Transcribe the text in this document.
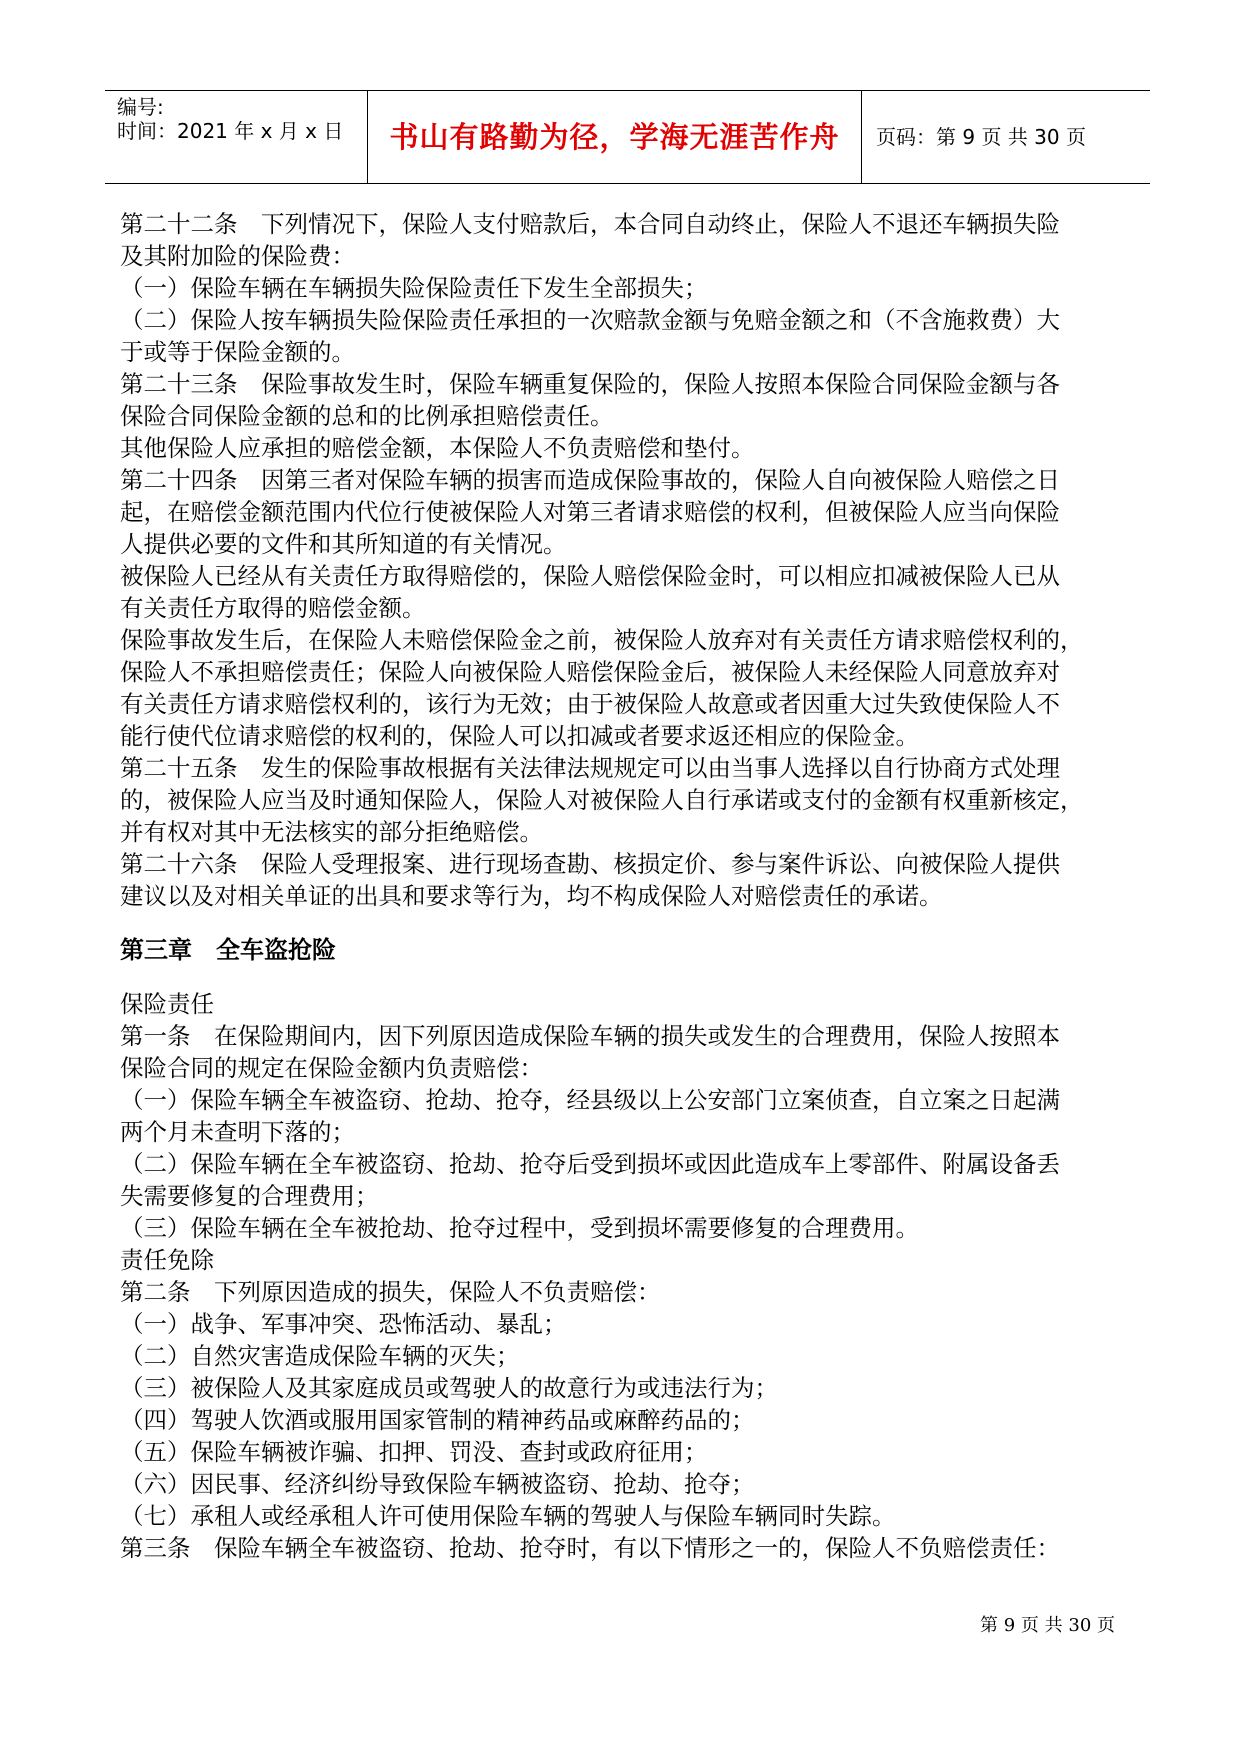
编号:
时间：2021 年 x 月 x 日	书山有路勤为径，学海无涯苦作舟	页码：第 9 页 共 30 页
第二十二条　下列情况下，保险人支付赔款后，本合同自动终止，保险人不退还车辆损失险
及其附加险的保险费：
（一）保险车辆在车辆损失险保险责任下发生全部损失；
（二）保险人按车辆损失险保险责任承担的一次赔款金额与免赔金额之和（不含施救费）大
于或等于保险金额的。
第二十三条　保险事故发生时，保险车辆重复保险的，保险人按照本保险合同保险金额与各
保险合同保险金额的总和的比例承担赔偿责任。
其他保险人应承担的赔偿金额，本保险人不负责赔偿和垫付。
第二十四条　因第三者对保险车辆的损害而造成保险事故的，保险人自向被保险人赔偿之日
起，在赔偿金额范围内代位行使被保险人对第三者请求赔偿的权利，但被保险人应当向保险
人提供必要的文件和其所知道的有关情况。
被保险人已经从有关责任方取得赔偿的，保险人赔偿保险金时，可以相应扣减被保险人已从
有关责任方取得的赔偿金额。
保险事故发生后，在保险人未赔偿保险金之前，被保险人放弃对有关责任方请求赔偿权利的，
保险人不承担赔偿责任；保险人向被保险人赔偿保险金后，被保险人未经保险人同意放弃对
有关责任方请求赔偿权利的，该行为无效；由于被保险人故意或者因重大过失致使保险人不
能行使代位请求赔偿的权利的，保险人可以扣减或者要求返还相应的保险金。
第二十五条　发生的保险事故根据有关法律法规规定可以由当事人选择以自行协商方式处理
的，被保险人应当及时通知保险人，保险人对被保险人自行承诺或支付的金额有权重新核定，
并有权对其中无法核实的部分拒绝赔偿。
第二十六条　保险人受理报案、进行现场查勘、核损定价、参与案件诉讼、向被保险人提供
建议以及对相关单证的出具和要求等行为，均不构成保险人对赔偿责任的承诺。
第三章　全车盗抢险
保险责任
第一条　在保险期间内，因下列原因造成保险车辆的损失或发生的合理费用，保险人按照本
保险合同的规定在保险金额内负责赔偿：
（一）保险车辆全车被盗窃、抢劫、抢夺，经县级以上公安部门立案侦查，自立案之日起满
两个月未查明下落的；
（二）保险车辆在全车被盗窃、抢劫、抢夺后受到损坏或因此造成车上零部件、附属设备丢
失需要修复的合理费用；
（三）保险车辆在全车被抢劫、抢夺过程中，受到损坏需要修复的合理费用。
责任免除
第二条　下列原因造成的损失，保险人不负责赔偿：
（一）战争、军事冲突、恐怖活动、暴乱；
（二）自然灾害造成保险车辆的灭失；
（三）被保险人及其家庭成员或驾驶人的故意行为或违法行为；
（四）驾驶人饮酒或服用国家管制的精神药品或麻醉药品的；
（五）保险车辆被诈骗、扣押、罚没、查封或政府征用；
（六）因民事、经济纠纷导致保险车辆被盗窃、抢劫、抢夺；
（七）承租人或经承租人许可使用保险车辆的驾驶人与保险车辆同时失踪。
第三条　保险车辆全车被盗窃、抢劫、抢夺时，有以下情形之一的，保险人不负赔偿责任：
第 9 页 共 30 页
